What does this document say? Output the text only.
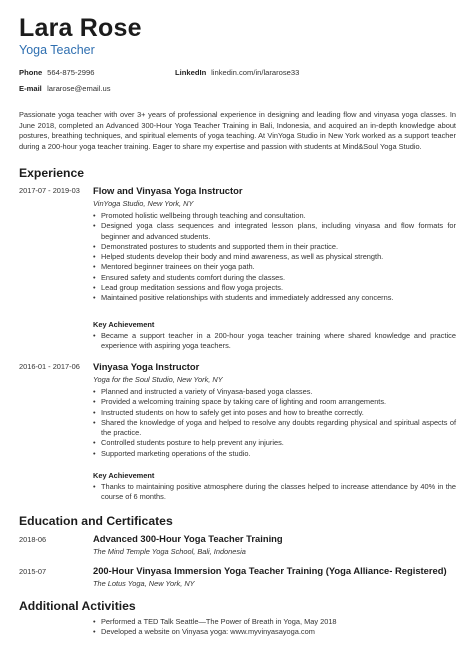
Lara Rose
Yoga Teacher
Phone 564-875-2996	LinkedIn linkedin.com/in/lararose33
E-mail lararose@email.us
Passionate yoga teacher with over 3+ years of professional experience in designing and leading flow and vinyasa yoga classes. In June 2018, completed an Advanced 300-Hour Yoga Teacher Training in Bali, Indonesia, and acquired an in-depth knowledge about postures, breathing techniques, and spiritual elements of yoga teaching. At VinYoga Studio in New York worked as a support teacher during a 200-hour yoga teacher training. Eager to share my expertise and passion with students at Mind&Soul Yoga Studio.
Experience
2017-07 - 2019-03 Flow and Vinyasa Yoga Instructor
VinYoga Studio, New York, NY
• Promoted holistic wellbeing through teaching and consultation.
• Designed yoga class sequences and integrated lesson plans, including vinyasa and flow formats for beginner and advanced students.
• Demonstrated postures to students and supported them in their practice.
• Helped students develop their body and mind awareness, as well as physical strength.
• Mentored beginner trainees on their yoga path.
• Ensured safety and students comfort during the classes.
• Lead group meditation sessions and flow yoga projects.
• Maintained positive relationships with students and immediately addressed any concerns.
Key Achievement
• Became a support teacher in a 200-hour yoga teacher training where shared knowledge and practice experience with aspiring yoga teachers.
2016-01 - 2017-06 Vinyasa Yoga Instructor
Yoga for the Soul Studio, New York, NY
• Planned and instructed a variety of Vinyasa-based yoga classes.
• Provided a welcoming training space by taking care of lighting and room arrangements.
• Instructed students on how to safely get into poses and how to breathe correctly.
• Shared the knowledge of yoga and helped to resolve any doubts regarding physical and spiritual aspects of the practice.
• Controlled students posture to help prevent any injuries.
• Supported marketing operations of the studio.
Key Achievement
• Thanks to maintaining positive atmosphere during the classes helped to increase attendance by 40% in the course of 6 months.
Education and Certificates
2018-06	Advanced 300-Hour Yoga Teacher Training
The Mind Temple Yoga School, Bali, Indonesia
2015-07	200-Hour Vinyasa Immersion Yoga Teacher Training (Yoga Alliance- Registered)
The Lotus Yoga, New York, NY
Additional Activities
• Performed a TED Talk Seattle—The Power of Breath in Yoga, May 2018
• Developed a website on Vinyasa yoga: www.myvinyasayoga.com
